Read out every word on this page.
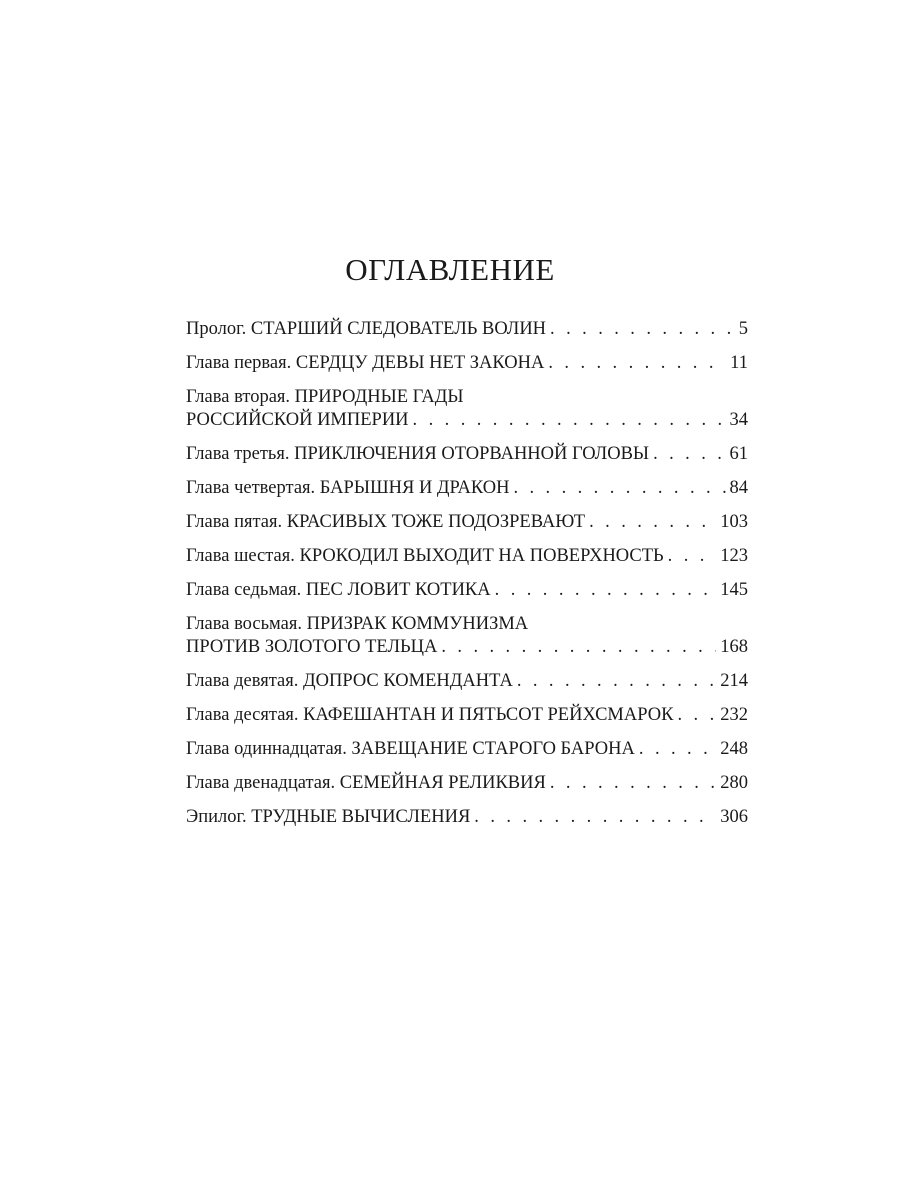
ОГЛАВЛЕНИЕ
Пролог. СТАРШИЙ СЛЕДОВАТЕЛЬ ВОЛИН . . .	5
Глава первая. СЕРДЦУ ДЕВЫ НЕТ ЗАКОНА . . .	11
Глава вторая. ПРИРОДНЫЕ ГАДЫ
РОССИЙСКОЙ ИМПЕРИИ . . .	34
Глава третья. ПРИКЛЮЧЕНИЯ ОТОРВАННОЙ ГОЛОВЫ . . .	61
Глава четвертая. БАРЫШНЯ И ДРАКОН . . .	84
Глава пятая. КРАСИВЫХ ТОЖЕ ПОДОЗРЕВАЮТ . . .	103
Глава шестая. КРОКОДИЛ ВЫХОДИТ НА ПОВЕРХНОСТЬ . . .	123
Глава седьмая. ПЕС ЛОВИТ КОТИКА . . .	145
Глава восьмая. ПРИЗРАК КОММУНИЗМА
ПРОТИВ ЗОЛОТОГО ТЕЛЬЦА . . .	168
Глава девятая. ДОПРОС КОМЕНДАНТА . . .	214
Глава десятая. КАФЕШАНТАН И ПЯТЬСОТ РЕЙХСМАРОК . . .	232
Глава одиннадцатая. ЗАВЕЩАНИЕ СТАРОГО БАРОНА . . .	248
Глава двенадцатая. СЕМЕЙНАЯ РЕЛИКВИЯ . . .	280
Эпилог. ТРУДНЫЕ ВЫЧИСЛЕНИЯ . . .	306
